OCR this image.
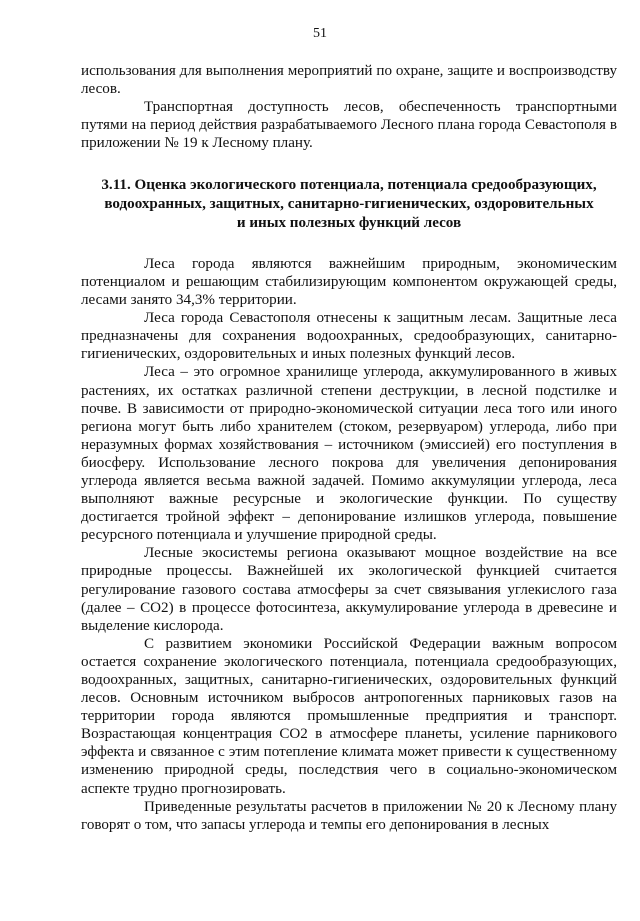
51

использования для выполнения мероприятий по охране, защите и воспроизводству лесов.

Транспортная доступность лесов, обеспеченность транспортными путями на период действия разрабатываемого Лесного плана города Севастополя в приложении № 19 к Лесному плану.

3.11. Оценка экологического потенциала, потенциала средообразующих, водоохранных, защитных, санитарно-гигиенических, оздоровительных и иных полезных функций лесов

Леса города являются важнейшим природным, экономическим потенциалом и решающим стабилизирующим компонентом окружающей среды, лесами занято 34,3% территории.

Леса города Севастополя отнесены к защитным лесам. Защитные леса предназначены для сохранения водоохранных, средообразующих, санитарно-гигиенических, оздоровительных и иных полезных функций лесов.

Леса – это огромное хранилище углерода, аккумулированного в живых растениях, их остатках различной степени деструкции, в лесной подстилке и почве. В зависимости от природно-экономической ситуации леса того или иного региона могут быть либо хранителем (стоком, резервуаром) углерода, либо при неразумных формах хозяйствования – источником (эмиссией) его поступления в биосферу. Использование лесного покрова для увеличения депонирования углерода является весьма важной задачей. Помимо аккумуляции углерода, леса выполняют важные ресурсные и экологические функции. По существу достигается тройной эффект – депонирование излишков углерода, повышение ресурсного потенциала и улучшение природной среды.

Лесные экосистемы региона оказывают мощное воздействие на все природные процессы. Важнейшей их экологической функцией считается регулирование газового состава атмосферы за счет связывания углекислого газа (далее – СО2) в процессе фотосинтеза, аккумулирование углерода в древесине и выделение кислорода.

С развитием экономики Российской Федерации важным вопросом остается сохранение экологического потенциала, потенциала средообразующих, водоохранных, защитных, санитарно-гигиенических, оздоровительных функций лесов. Основным источником выбросов антропогенных парниковых газов на территории города являются промышленные предприятия и транспорт. Возрастающая концентрация СО2 в атмосфере планеты, усиление парникового эффекта и связанное с этим потепление климата может привести к существенному изменению природной среды, последствия чего в социально-экономическом аспекте трудно прогнозировать.

Приведенные результаты расчетов в приложении № 20 к Лесному плану говорят о том, что запасы углерода и темпы его депонирования в лесных
